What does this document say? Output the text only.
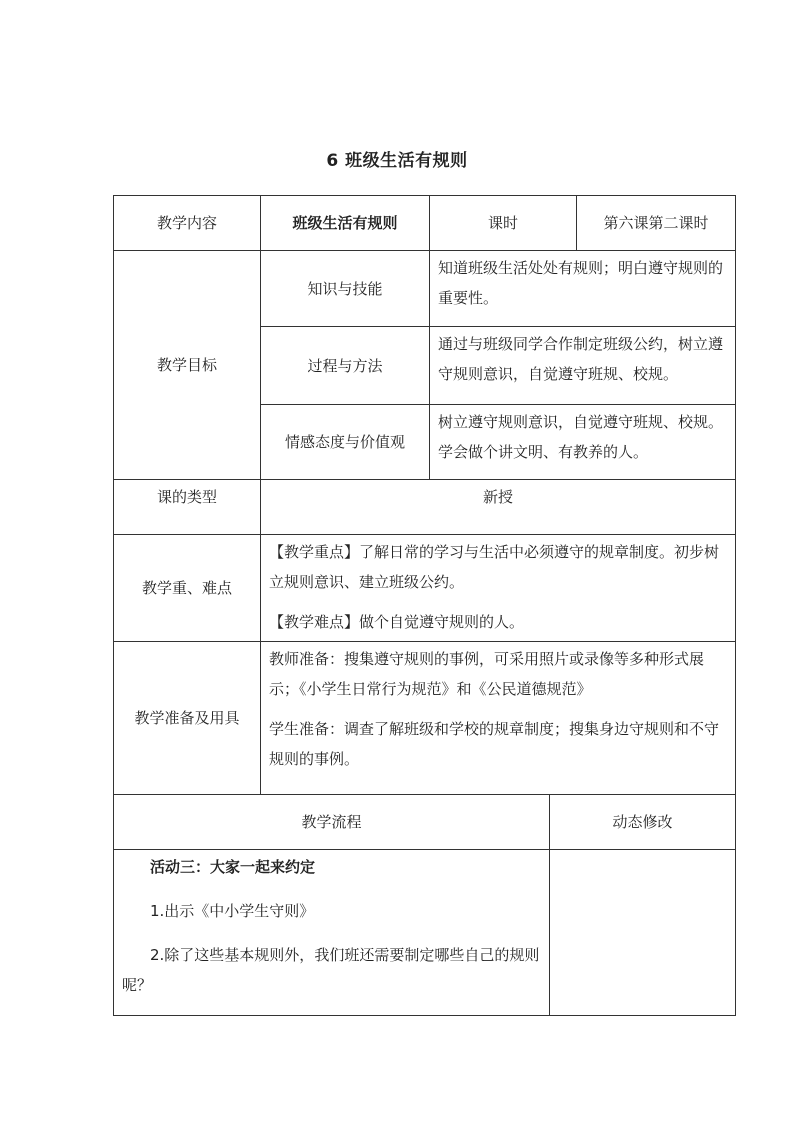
6 班级生活有规则
教学内容	班级生活有规则	课时		第六课第二课时
教学目标	知识与技能	知道班级生活处处有规则；明白遵守规则的重要性。		
	过程与方法	通过与班级同学合作制定班级公约，树立遵守规则意识，自觉遵守班规、校规。		
	情感态度与价值观	树立遵守规则意识，自觉遵守班规、校规。学会做个讲文明、有教养的人。		
课的类型	新授			
教学重、难点	【教学重点】了解日常的学习与生活中必须遵守的规章制度。初步树立规则意识、建立班级公约。

【教学难点】做个自觉遵守规则的人。			

教学准备及用具	教师准备：搜集遵守规则的事例，可采用照片或录像等多种形式展示；《小学生日常行为规范》和《公民道德规范》

学生准备：调查了解班级和学校的规章制度；搜集身边守规则和不守规则的事例。			

教学流程			动态修改	

活动三：大家一起来约定

1.出示《中小学生守则》

2.除了这些基本规则外，我们班还需要制定哪些自己的规则呢？				
